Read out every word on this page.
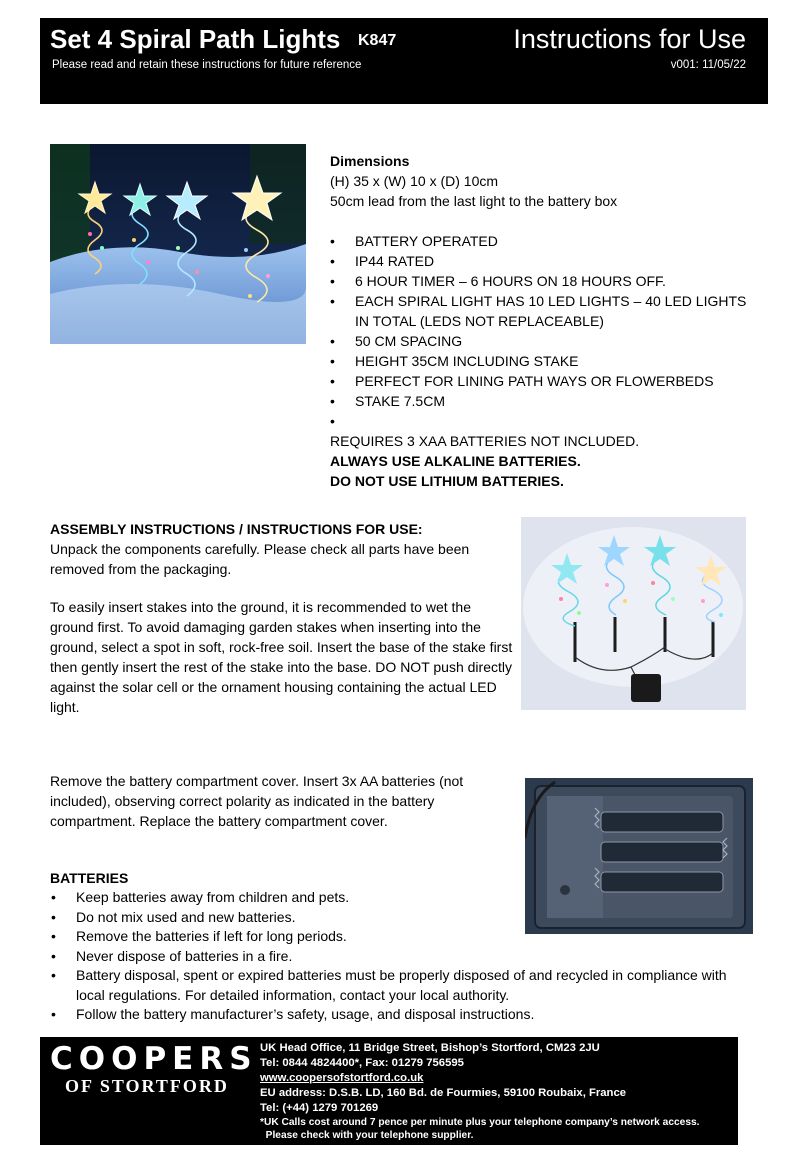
Set 4 Spiral Path Lights K847	Instructions for Use
Please read and retain these instructions for future reference	v001: 11/05/22
Dimensions
(H) 35 x (W) 10 x (D) 10cm
50cm lead from the last light to the battery box
• BATTERY OPERATED
• IP44 RATED
• 6 HOUR TIMER – 6 HOURS ON 18 HOURS OFF.
• EACH SPIRAL LIGHT HAS 10 LED LIGHTS – 40 LED LIGHTS IN TOTAL (LEDS NOT REPLACEABLE)
• 50 CM SPACING
• HEIGHT 35CM INCLUDING STAKE
• PERFECT FOR LINING PATH WAYS OR FLOWERBEDS
• STAKE 7.5CM
•
REQUIRES 3 XAA BATTERIES NOT INCLUDED.
ALWAYS USE ALKALINE BATTERIES.
DO NOT USE LITHIUM BATTERIES.
ASSEMBLY INSTRUCTIONS / INSTRUCTIONS FOR USE:
Unpack the components carefully. Please check all parts have been removed from the packaging.
To easily insert stakes into the ground, it is recommended to wet the ground first. To avoid damaging garden stakes when inserting into the ground, select a spot in soft, rock-free soil. Insert the base of the stake first then gently insert the rest of the stake into the base. DO NOT push directly against the solar cell or the ornament housing containing the actual LED light.
Remove the battery compartment cover. Insert 3x AA batteries (not included), observing correct polarity as indicated in the battery compartment. Replace the battery compartment cover.
BATTERIES
• Keep batteries away from children and pets.
• Do not mix used and new batteries.
• Remove the batteries if left for long periods.
• Never dispose of batteries in a fire.
• Battery disposal, spent or expired batteries must be properly disposed of and recycled in compliance with local regulations. For detailed information, contact your local authority.
• Follow the battery manufacturer’s safety, usage, and disposal instructions.
COOPERS
OF STORTFORD
UK Head Office, 11 Bridge Street, Bishop’s Stortford, CM23 2JU
Tel: 0844 4824400*, Fax: 01279 756595
www.coopersofstortford.co.uk
EU address: D.S.B. LD, 160 Bd. de Fourmies, 59100 Roubaix, France
Tel: (+44) 1279 701269
*UK Calls cost around 7 pence per minute plus your telephone company’s network access.
Please check with your telephone supplier.
